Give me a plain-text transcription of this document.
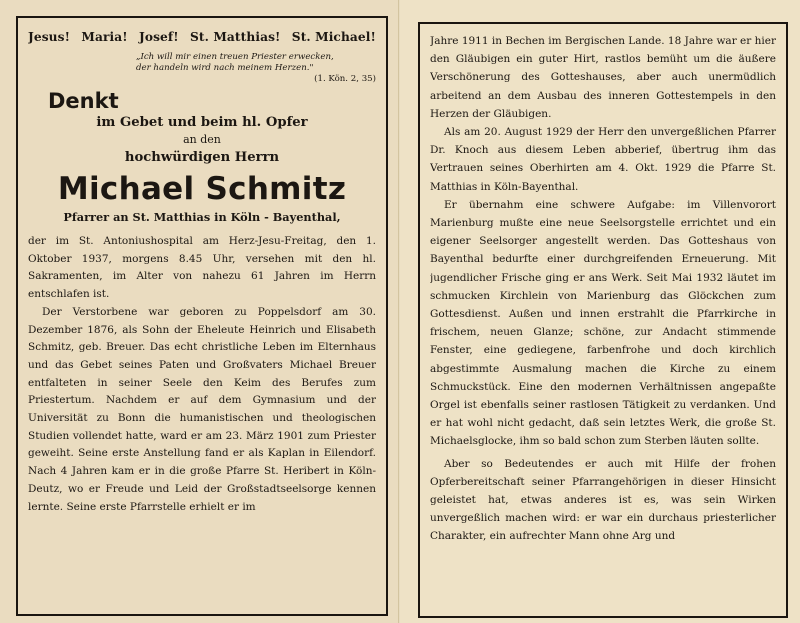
Jesus! Maria! Josef! St. Matthias! St. Michael!
„Ich will mir einen treuen Priester erwecken,
der handeln wird nach meinem Herzen."
(1. Kön. 2, 35)
Denkt
im Gebet und beim hl. Opfer
an den
hochwürdigen Herrn
Michael Schmitz
Pfarrer an St. Matthias in Köln - Bayenthal,

der im St. Antoniushospital am Herz-Jesu-Freitag, den 1. Oktober 1937, morgens 8.45 Uhr, versehen mit den hl. Sakramenten, im Alter von nahezu 61 Jahren im Herrn entschlafen ist.

Der Verstorbene war geboren zu Poppelsdorf am 30. Dezember 1876, als Sohn der Eheleute Heinrich und Elisabeth Schmitz, geb. Breuer. Das echt christliche Leben im Elternhaus und das Gebet seines Paten und Großvaters Michael Breuer entfalteten in seiner Seele den Keim des Berufes zum Priestertum. Nachdem er auf dem Gymnasium und der Universität zu Bonn die humanistischen und theologischen Studien vollendet hatte, ward er am 23. März 1901 zum Priester geweiht. Seine erste Anstellung fand er als Kaplan in Eilendorf. Nach 4 Jahren kam er in die große Pfarre St. Heribert in Köln-Deutz, wo er Freude und Leid der Großstadtseelsorge kennen lernte. Seine erste Pfarrstelle erhielt er im

Jahre 1911 in Bechen im Bergischen Lande. 18 Jahre war er hier den Gläubigen ein guter Hirt, rastlos bemüht um die äußere Verschönerung des Gotteshauses, aber auch unermüdlich arbeitend an dem Ausbau des inneren Gottestempels in den Herzen der Gläubigen.

Als am 20. August 1929 der Herr den unvergeßlichen Pfarrer Dr. Knoch aus diesem Leben abberief, übertrug ihm das Vertrauen seines Oberhirten am 4. Okt. 1929 die Pfarre St. Matthias in Köln-Bayenthal.

Er übernahm eine schwere Aufgabe: im Villenvorort Marienburg mußte eine neue Seelsorgstelle errichtet und ein eigener Seelsorger angestellt werden. Das Gotteshaus von Bayenthal bedurfte einer durchgreifenden Erneuerung. Mit jugendlicher Frische ging er ans Werk. Seit Mai 1932 läutet im schmucken Kirchlein von Marienburg das Glöckchen zum Gottesdienst. Außen und innen erstrahlt die Pfarrkirche in frischem, neuen Glanze; schöne, zur Andacht stimmende Fenster, eine gediegene, farbenfrohe und doch kirchlich abgestimmte Ausmalung machen die Kirche zu einem Schmuckstück. Eine den modernen Verhältnissen angepaßte Orgel ist ebenfalls seiner rastlosen Tätigkeit zu verdanken. Und er hat wohl nicht gedacht, daß sein letztes Werk, die große St. Michaelsglocke, ihm so bald schon zum Sterben läuten sollte.

Aber so Bedeutendes er auch mit Hilfe der frohen Opferbereitschaft seiner Pfarrangehörigen in dieser Hinsicht geleistet hat, etwas anderes ist es, was sein Wirken unvergeßlich machen wird: er war ein durchaus priesterlicher Charakter, ein aufrechter Mann ohne Arg und
